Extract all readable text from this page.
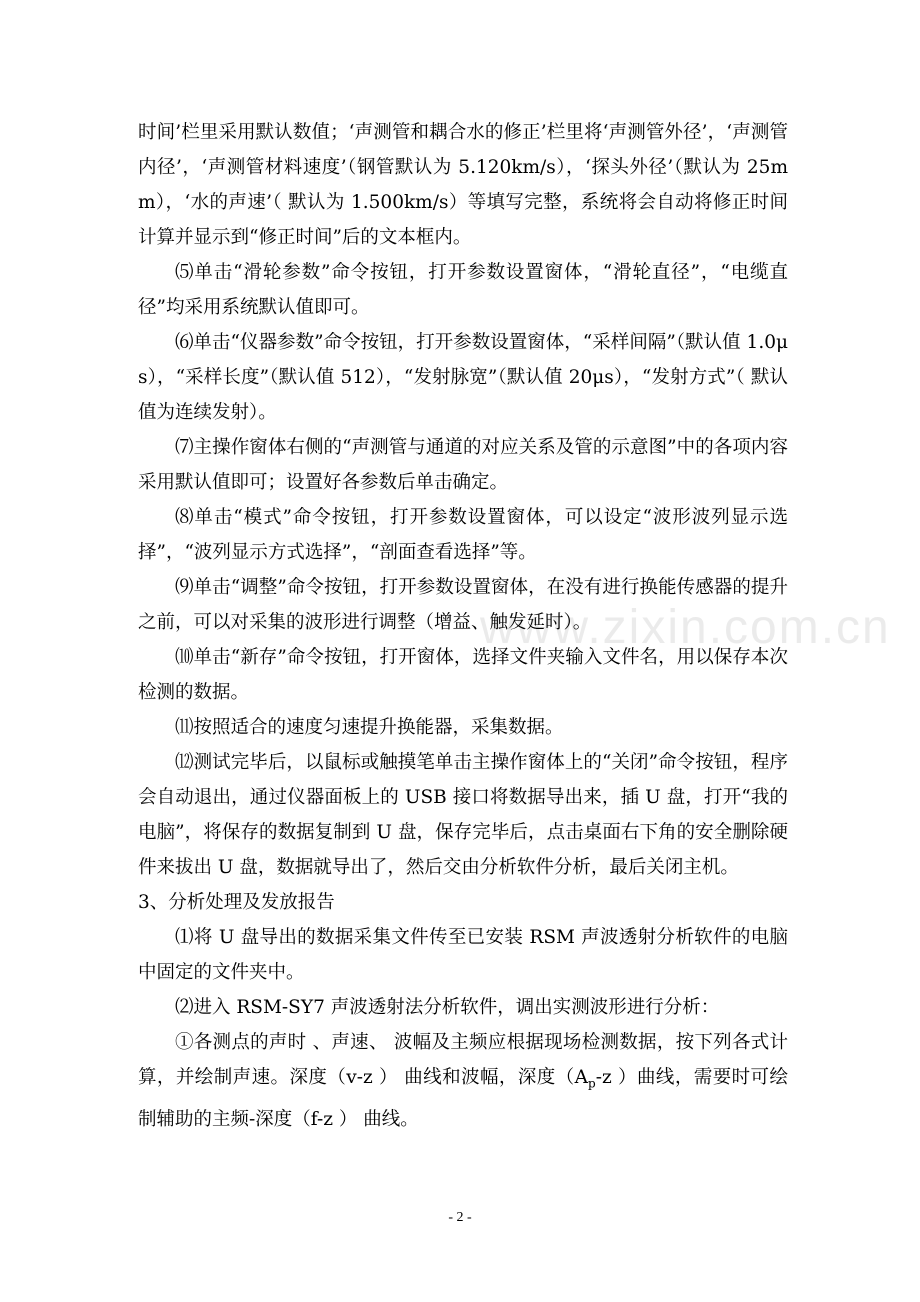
www.zixin.com.cn

时间’栏里采用默认数值；‘声测管和耦合水的修正’栏里将‘声测管外径’，‘声测管内径’，‘声测管材料速度’（钢管默认为 5.120km/s），‘探头外径’（默认为 25mm），‘水的声速’（ 默认为 1.500km/s）等填写完整，系统将会自动将修正时间计算并显示到“修正时间”后的文本框内。

⑸单击“滑轮参数”命令按钮，打开参数设置窗体，“滑轮直径”，“电缆直径”均采用系统默认值即可。

⑹单击“仪器参数”命令按钮，打开参数设置窗体，“采样间隔”（默认值 1.0μs），“采样长度”（默认值 512），“发射脉宽”（默认值 20μs），“发射方式”（ 默认值为连续发射）。

⑺主操作窗体右侧的“声测管与通道的对应关系及管的示意图”中的各项内容采用默认值即可；设置好各参数后单击确定。

⑻单击“模式”命令按钮，打开参数设置窗体，可以设定“波形波列显示选择”，“波列显示方式选择”，“剖面查看选择”等。

⑼单击“调整”命令按钮，打开参数设置窗体，在没有进行换能传感器的提升之前，可以对采集的波形进行调整（增益、触发延时）。

⑽单击“新存”命令按钮，打开窗体，选择文件夹输入文件名，用以保存本次检测的数据。

⑾按照适合的速度匀速提升换能器，采集数据。

⑿测试完毕后，以鼠标或触摸笔单击主操作窗体上的“关闭”命令按钮，程序会自动退出，通过仪器面板上的 USB 接口将数据导出来，插 U 盘，打开“我的电脑”，将保存的数据复制到 U 盘，保存完毕后，点击桌面右下角的安全删除硬件来拔出 U 盘，数据就导出了，然后交由分析软件分析，最后关闭主机。

3、分析处理及发放报告

⑴将 U 盘导出的数据采集文件传至已安装 RSM 声波透射分析软件的电脑中固定的文件夹中。

⑵进入 RSM-SY7 声波透射法分析软件，调出实测波形进行分析：

①各测点的声时 、声速、 波幅及主频应根据现场检测数据，按下列各式计算，并绘制声速。深度（v-z ） 曲线和波幅，深度（$A_p-z$ ）曲线，需要时可绘制辅助的主频-深度（f-z ） 曲线。

- 2 -
